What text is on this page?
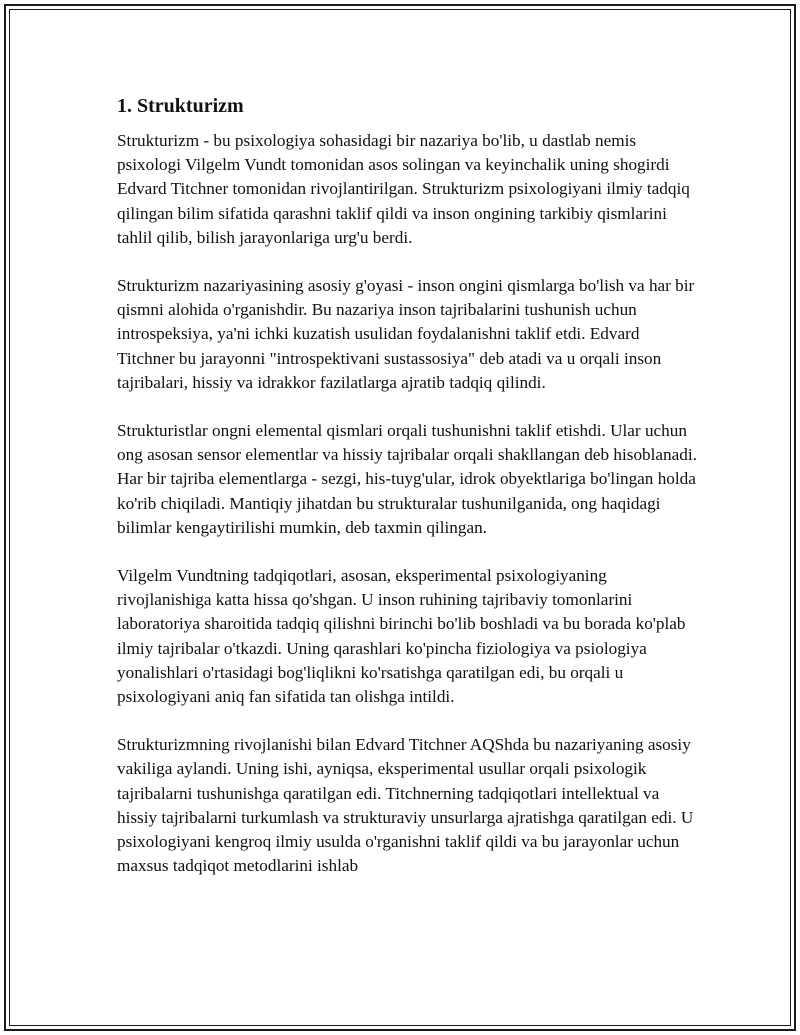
1. Strukturizm

Strukturizm - bu psixologiya sohasidagi bir nazariya bo'lib, u dastlab nemis psixologi Vilgelm Vundt tomonidan asos solingan va keyinchalik uning shogirdi Edvard Titchner tomonidan rivojlantirilgan. Strukturizm psixologiyani ilmiy tadqiq qilingan bilim sifatida qarashni taklif qildi va inson ongining tarkibiy qismlarini tahlil qilib, bilish jarayonlariga urg'u berdi.

Strukturizm nazariyasining asosiy g'oyasi - inson ongini qismlarga bo'lish va har bir qismni alohida o'rganishdir. Bu nazariya inson tajribalarini tushunish uchun introspeksiya, ya'ni ichki kuzatish usulidan foydalanishni taklif etdi. Edvard Titchner bu jarayonni "introspektivani sustassosiya" deb atadi va u orqali inson tajribalari, hissiy va idrakkor fazilatlarga ajratib tadqiq qilindi.

Strukturistlar ongni elemental qismlari orqali tushunishni taklif etishdi. Ular uchun ong asosan sensor elementlar va hissiy tajribalar orqali shakllangan deb hisoblanadi. Har bir tajriba elementlarga - sezgi, his-tuyg'ular, idrok obyektlariga bo'lingan holda ko'rib chiqiladi. Mantiqiy jihatdan bu strukturalar tushunilganida, ong haqidagi bilimlar kengaytirilishi mumkin, deb taxmin qilingan.

Vilgelm Vundtning tadqiqotlari, asosan, eksperimental psixologiyaning rivojlanishiga katta hissa qo'shgan. U inson ruhining tajribaviy tomonlarini laboratoriya sharoitida tadqiq qilishni birinchi bo'lib boshladi va bu borada ko'plab ilmiy tajribalar o'tkazdi. Uning qarashlari ko'pincha fiziologiya va psiologiya yonalishlari o'rtasidagi bog'liqlikni ko'rsatishga qaratilgan edi, bu orqali u psixologiyani aniq fan sifatida tan olishga intildi.

Strukturizmning rivojlanishi bilan Edvard Titchner AQShda bu nazariyaning asosiy vakiliga aylandi. Uning ishi, ayniqsa, eksperimental usullar orqali psixologik tajribalarni tushunishga qaratilgan edi. Titchnerning tadqiqotlari intellektual va hissiy tajribalarni turkumlash va strukturaviy unsurlarga ajratishga qaratilgan edi. U psixologiyani kengroq ilmiy usulda o'rganishni taklif qildi va bu jarayonlar uchun maxsus tadqiqot metodlarini ishlab
